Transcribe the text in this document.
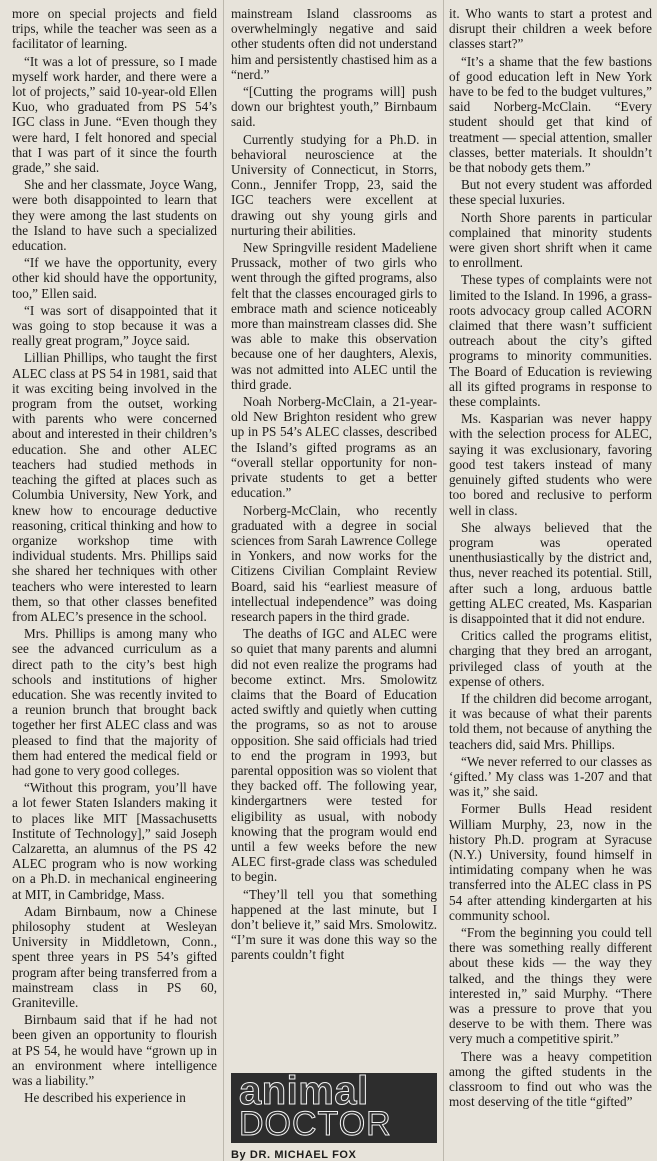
more on special projects and field trips, while the teacher was seen as a facilitator of learning.

“It was a lot of pressure, so I made myself work harder, and there were a lot of projects,” said 10-year-old Ellen Kuo, who graduated from PS 54’s IGC class in June. “Even though they were hard, I felt honored and special that I was part of it since the fourth grade,” she said.

She and her classmate, Joyce Wang, were both disappointed to learn that they were among the last students on the Island to have such a specialized education.

“If we have the opportunity, every other kid should have the opportunity, too,” Ellen said.

“I was sort of disappointed that it was going to stop because it was a really great program,” Joyce said.

Lillian Phillips, who taught the first ALEC class at PS 54 in 1981, said that it was exciting being involved in the program from the outset, working with parents who were concerned about and interested in their children’s education. She and other ALEC teachers had studied methods in teaching the gifted at places such as Columbia University, New York, and knew how to encourage deductive reasoning, critical thinking and how to organize workshop time with individual students. Mrs. Phillips said she shared her techniques with other teachers who were interested to learn them, so that other classes benefited from ALEC’s presence in the school.

Mrs. Phillips is among many who see the advanced curriculum as a direct path to the city’s best high schools and institutions of higher education. She was recently invited to a reunion brunch that brought back together her first ALEC class and was pleased to find that the majority of them had entered the medical field or had gone to very good colleges.

“Without this program, you’ll have a lot fewer Staten Islanders making it to places like MIT [Massachusetts Institute of Technology],” said Joseph Calzaretta, an alumnus of the PS 42 ALEC program who is now working on a Ph.D. in mechanical engineering at MIT, in Cambridge, Mass.

Adam Birnbaum, now a Chinese philosophy student at Wesleyan University in Middletown, Conn., spent three years in PS 54’s gifted program after being transferred from a mainstream class in PS 60, Graniteville.

Birnbaum said that if he had not been given an opportunity to flourish at PS 54, he would have “grown up in an environment where intelligence was a liability.”

He described his experience in

mainstream Island classrooms as overwhelmingly negative and said other students often did not understand him and persistently chastised him as a “nerd.”

“[Cutting the programs will] push down our brightest youth,” Birnbaum said.

Currently studying for a Ph.D. in behavioral neuroscience at the University of Connecticut, in Storrs, Conn., Jennifer Tropp, 23, said the IGC teachers were excellent at drawing out shy young girls and nurturing their abilities.

New Springville resident Madeliene Prussack, mother of two girls who went through the gifted programs, also felt that the classes encouraged girls to embrace math and science noticeably more than mainstream classes did. She was able to make this observation because one of her daughters, Alexis, was not admitted into ALEC until the third grade.

Noah Norberg-McClain, a 21-year-old New Brighton resident who grew up in PS 54’s ALEC classes, described the Island’s gifted programs as an “overall stellar opportunity for non-private students to get a better education.”

Norberg-McClain, who recently graduated with a degree in social sciences from Sarah Lawrence College in Yonkers, and now works for the Citizens Civilian Complaint Review Board, said his “earliest measure of intellectual independence” was doing research papers in the third grade.

The deaths of IGC and ALEC were so quiet that many parents and alumni did not even realize the programs had become extinct. Mrs. Smolowitz claims that the Board of Education acted swiftly and quietly when cutting the programs, so as not to arouse opposition. She said officials had tried to end the program in 1993, but parental opposition was so violent that they backed off. The following year, kindergartners were tested for eligibility as usual, with nobody knowing that the program would end until a few weeks before the new ALEC first-grade class was scheduled to begin.

“They’ll tell you that something happened at the last minute, but I don’t believe it,” said Mrs. Smolowitz. “I’m sure it was done this way so the parents couldn’t fight

it. Who wants to start a protest and disrupt their children a week before classes start?”

“It’s a shame that the few bastions of good education left in New York have to be fed to the budget vultures,” said Norberg-McClain. “Every student should get that kind of treatment — special attention, smaller classes, better materials. It shouldn’t be that nobody gets them.”

But not every student was afforded these special luxuries.

North Shore parents in particular complained that minority students were given short shrift when it came to enrollment.

These types of complaints were not limited to the Island. In 1996, a grass-roots advocacy group called ACORN claimed that there wasn’t sufficient outreach about the city’s gifted programs to minority communities. The Board of Education is reviewing all its gifted programs in response to these complaints.

Ms. Kasparian was never happy with the selection process for ALEC, saying it was exclusionary, favoring good test takers instead of many genuinely gifted students who were too bored and reclusive to perform well in class.

She always believed that the program was operated unenthusiastically by the district and, thus, never reached its potential. Still, after such a long, arduous battle getting ALEC created, Ms. Kasparian is disappointed that it did not endure.

Critics called the programs elitist, charging that they bred an arrogant, privileged class of youth at the expense of others.

If the children did become arrogant, it was because of what their parents told them, not because of anything the teachers did, said Mrs. Phillips.

“We never referred to our classes as ‘gifted.’ My class was 1-207 and that was it,” she said.

Former Bulls Head resident William Murphy, 23, now in the history Ph.D. program at Syracuse (N.Y.) University, found himself in intimidating company when he was transferred into the ALEC class in PS 54 after attending kindergarten at his community school.

“From the beginning you could tell there was something really different about these kids — the way they talked, and the things they were interested in,” said Murphy. “There was a pressure to prove that you deserve to be with them. There was very much a competitive spirit.”

There was a heavy competition among the gifted students in the classroom to find out who was the most deserving of the title “gifted”

animal
DOCTOR
By DR. MICHAEL FOX
